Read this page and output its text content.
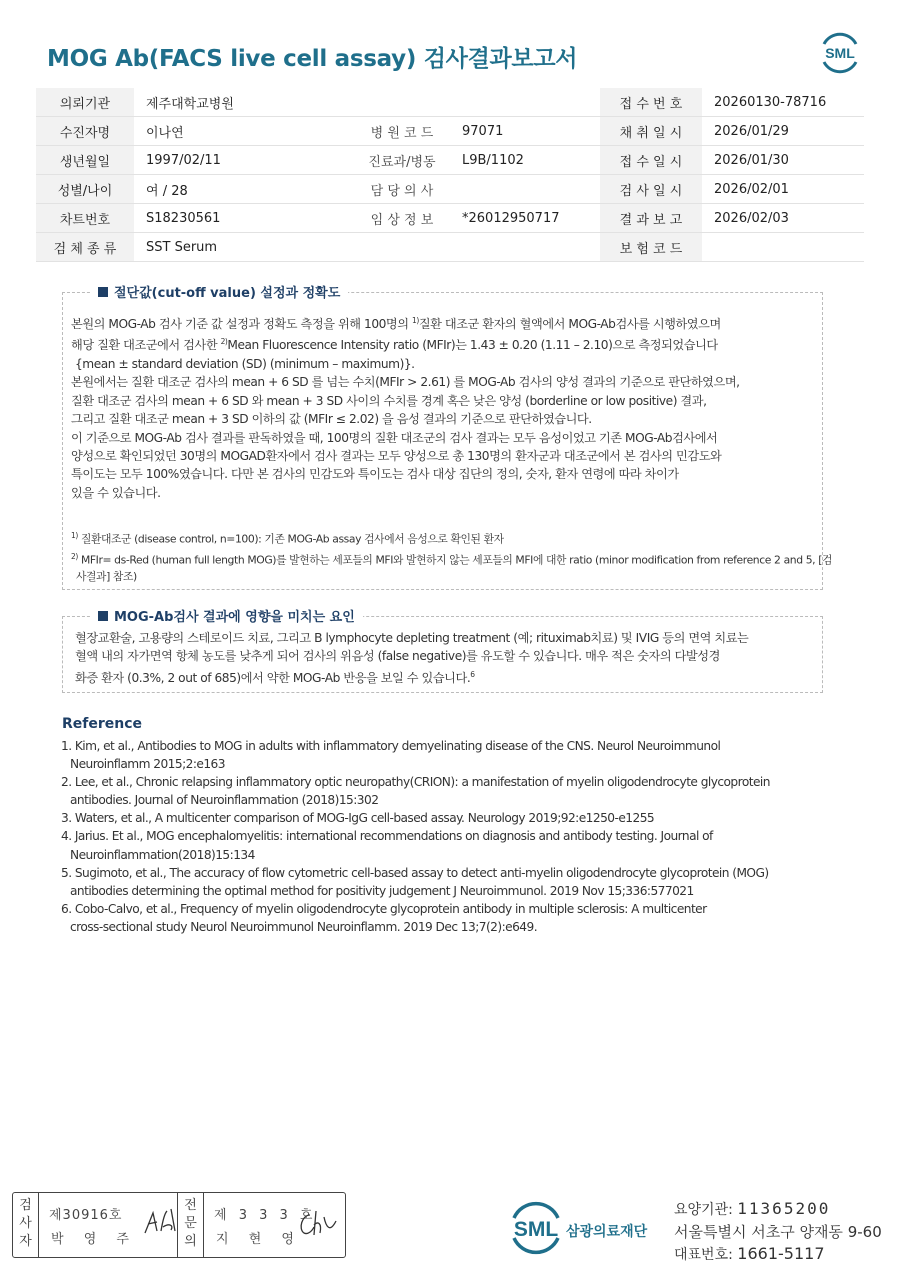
MOG Ab(FACS live cell assay) 검사결과보고서	SML
의뢰기관	제주대학교병원			접 수 번 호	20260130-78716
수진자명	이나연	병 원 코 드	97071	채 취 일 시	2026/01/29
생년월일	1997/02/11	진료과/병동	L9B/1102	접 수 일 시	2026/01/30
성별/나이	여 / 28	담 당 의 사		검 사 일 시	2026/02/01
차트번호	S18230561	임 상 정 보	*26012950717	결 과 보 고	2026/02/03
검 체 종 류	SST Serum			보 험 코 드	
절단값(cut-off value) 설정과 정확도
본원의 MOG-Ab 검사 기준 값 설정과 정확도 측정을 위해 100명의 $^{1)}$질환 대조군 환자의 혈액에서 MOG-Ab검사를 시행하였으며
해당 질환 대조군에서 검사한 $^{2)}$Mean Fluorescence Intensity ratio (MFIr)는 1.43 ± 0.20 (1.11 – 2.10)으로 측정되었습니다
{mean ± standard deviation (SD) (minimum – maximum)}.
본원에서는 질환 대조군 검사의 mean + 6 SD 를 넘는 수치(MFIr > 2.61) 를 MOG-Ab 검사의 양성 결과의 기준으로 판단하였으며,
질환 대조군 검사의 mean + 6 SD 와 mean + 3 SD 사이의 수치를 경계 혹은 낮은 양성 (borderline or low positive) 결과,
그리고 질환 대조군 mean + 3 SD 이하의 값 (MFIr ≤ 2.02) 을 음성 결과의 기준으로 판단하였습니다.
이 기준으로 MOG-Ab 검사 결과를 판독하였을 때, 100명의 질환 대조군의 검사 결과는 모두 음성이었고 기존 MOG-Ab검사에서
양성으로 확인되었던 30명의 MOGAD환자에서 검사 결과는 모두 양성으로 총 130명의 환자군과 대조군에서 본 검사의 민감도와
특이도는 모두 100%였습니다. 다만 본 검사의 민감도와 특이도는 검사 대상 집단의 정의, 숫자, 환자 연령에 따라 차이가
있을 수 있습니다.
$^{1)}$ 질환대조군 (disease control, n=100): 기존 MOG-Ab assay 검사에서 음성으로 확인된 환자
$^{2)}$ MFIr= ds-Red (human full length MOG)를 발현하는 세포들의 MFI와 발현하지 않는 세포들의 MFI에 대한 ratio (minor modification from reference 2 and 5, [검
사결과] 참조)
MOG-Ab검사 결과에 영향을 미치는 요인
혈장교환술, 고용량의 스테로이드 치료, 그리고 B lymphocyte depleting treatment (예; rituximab치료) 및 IVIG 등의 면역 치료는
혈액 내의 자가면역 항체 농도를 낮추게 되어 검사의 위음성 (false negative)를 유도할 수 있습니다. 매우 적은 숫자의 다발성경
화증 환자 (0.3%, 2 out of 685)에서 약한 MOG-Ab 반응을 보일 수 있습니다.$^6$
Reference
1. Kim, et al., Antibodies to MOG in adults with inflammatory demyelinating disease of the CNS. Neurol Neuroimmunol
Neuroinflamm 2015;2:e163
2. Lee, et al., Chronic relapsing inflammatory optic neuropathy(CRION): a manifestation of myelin oligodendrocyte glycoprotein
antibodies. Journal of Neuroinflammation (2018)15:302
3. Waters, et al., A multicenter comparison of MOG-IgG cell-based assay. Neurology 2019;92:e1250-e1255
4. Jarius. Et al., MOG encephalomyelitis: international recommendations on diagnosis and antibody testing. Journal of
Neuroinflammation(2018)15:134
5. Sugimoto, et al., The accuracy of flow cytometric cell-based assay to detect anti-myelin oligodendrocyte glycoprotein (MOG)
antibodies determining the optimal method for positivity judgement J Neuroimmunol. 2019 Nov 15;336:577021
6. Cobo-Calvo, et al., Frequency of myelin oligodendrocyte glycoprotein antibody in multiple sclerosis: A multicenter
cross-sectional study Neurol Neuroimmunol Neuroinflamm. 2019 Dec 13;7(2):e649.
검
사
자
제30916호
박 영 주
전
문
의
제 3 3 3 호
지 현 영	SML 삼광의료재단
요양기관: 11365200
서울특별시 서초구 양재동 9-60
대표번호: 1661-5117
